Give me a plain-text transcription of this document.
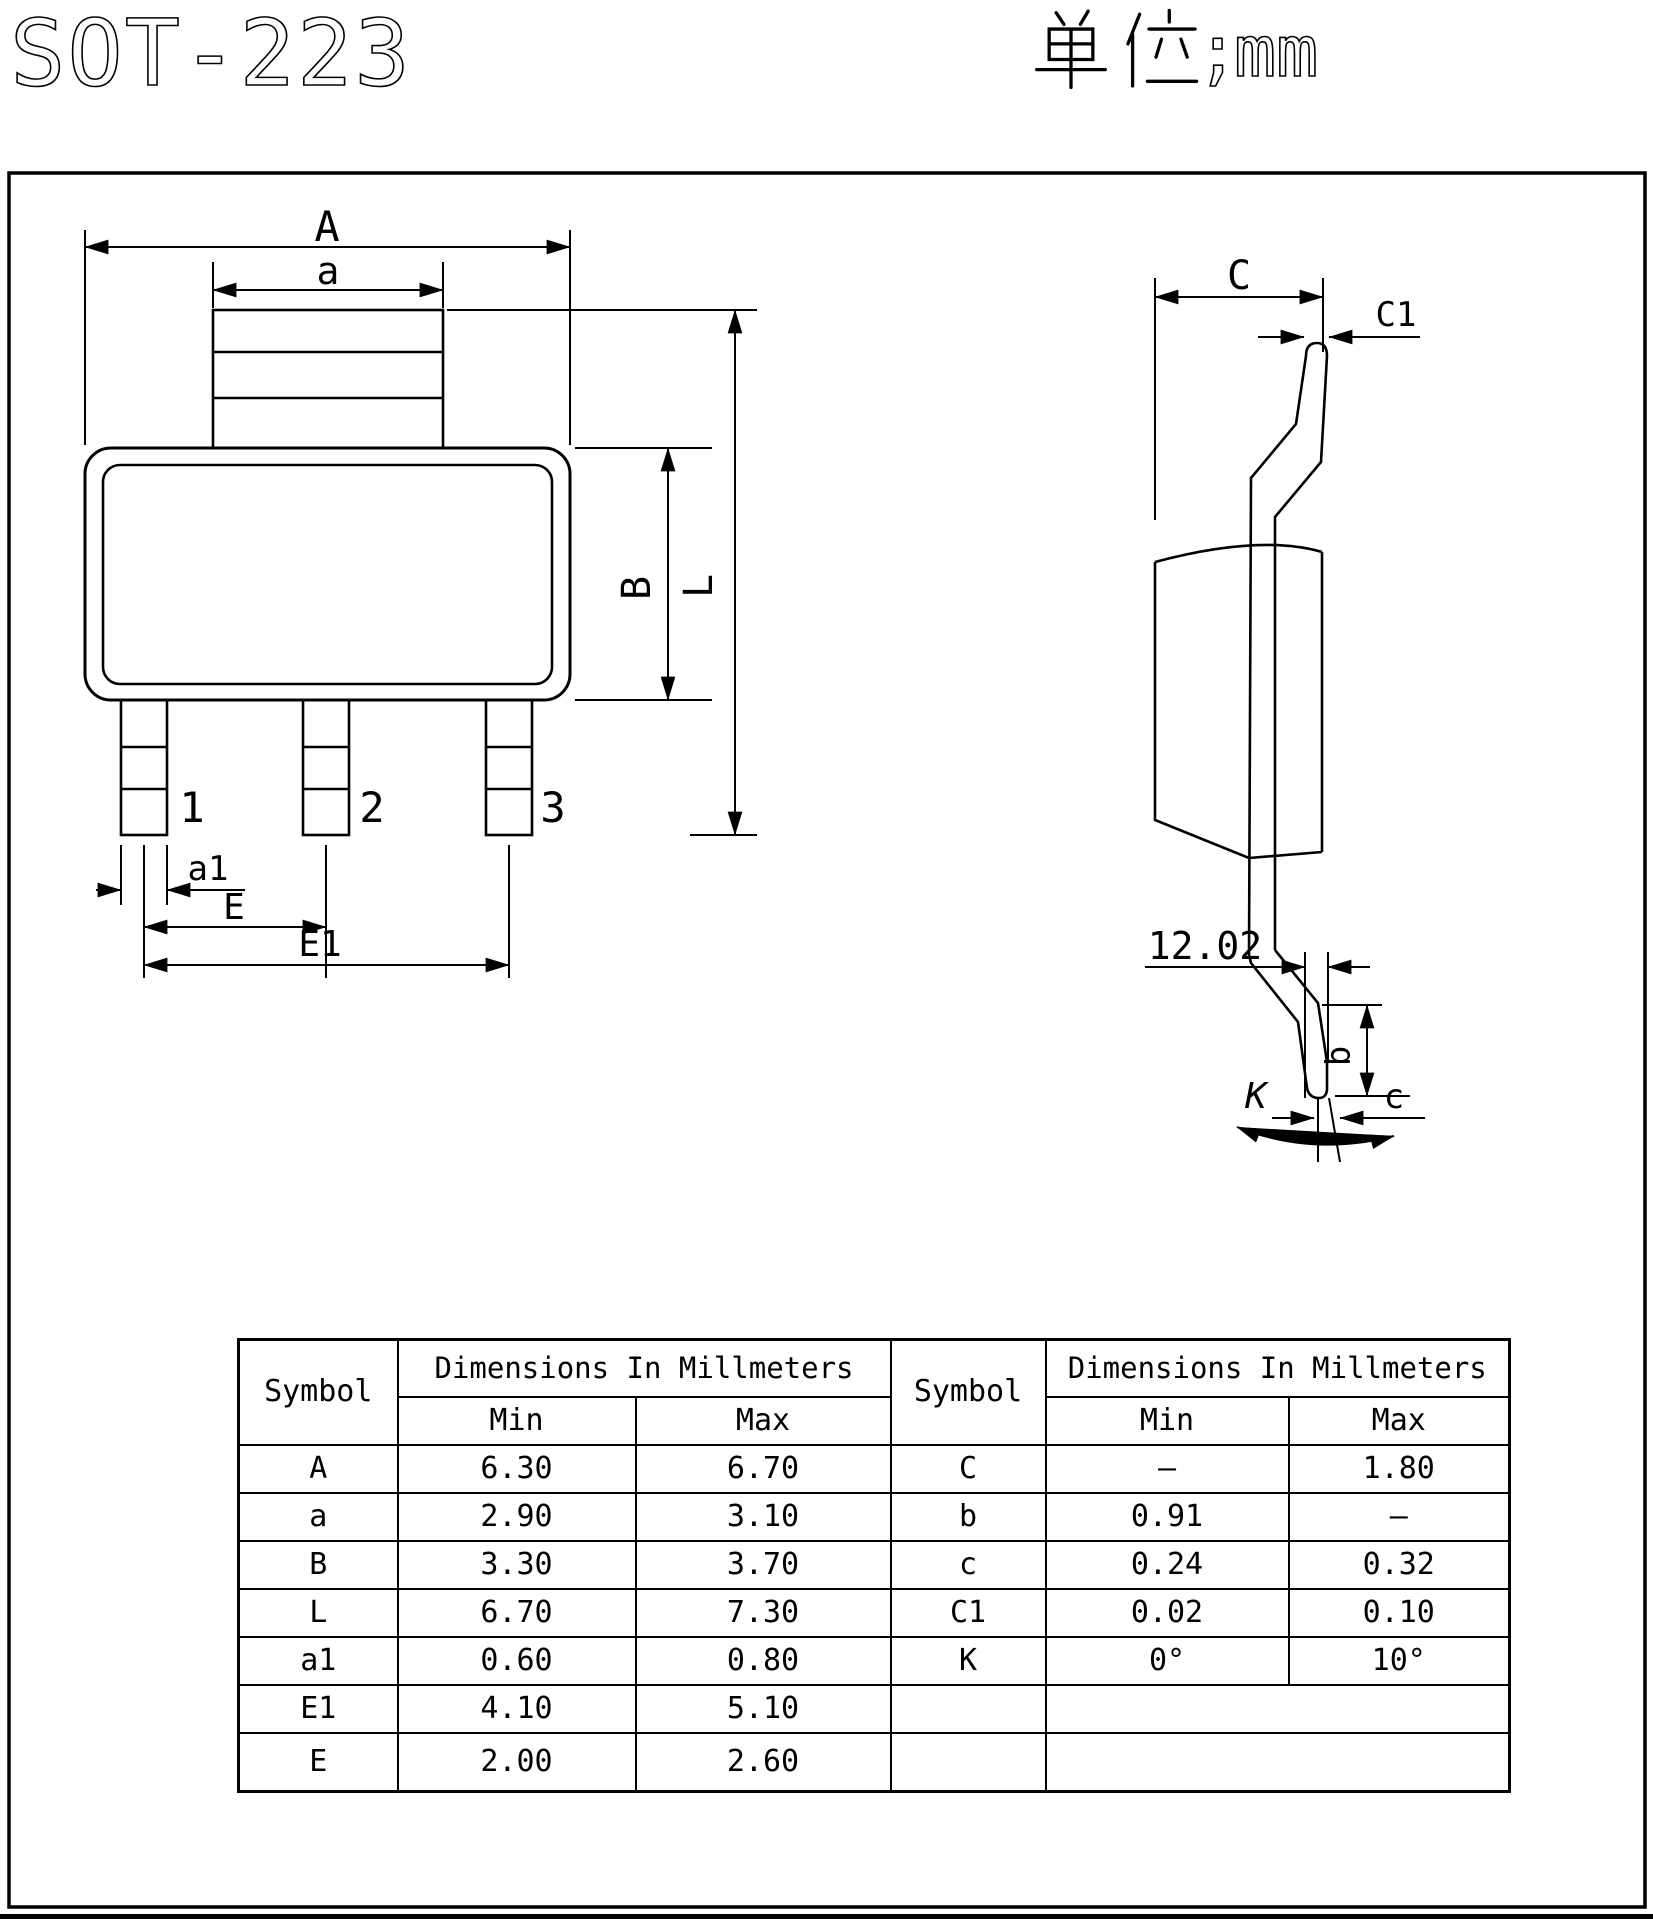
SOT-223	;
mm
1	2	3
A
a
B L
a1
E
E1
C
C1
12.02
b
c
K
Symbol	Dimensions In Millmeters		Symbol	Dimensions In Millmeters	
	Min	Max		Min	Max
A	6.30	6.70	C	–	1.80
a	2.90	3.10	b	0.91	–
B	3.30	3.70	c	0.24	0.32
L	6.70	7.30	C1	0.02	0.10
a1	0.60	0.80	K	0°	10°
E1	4.10	5.10			
E	2.00	2.60			
